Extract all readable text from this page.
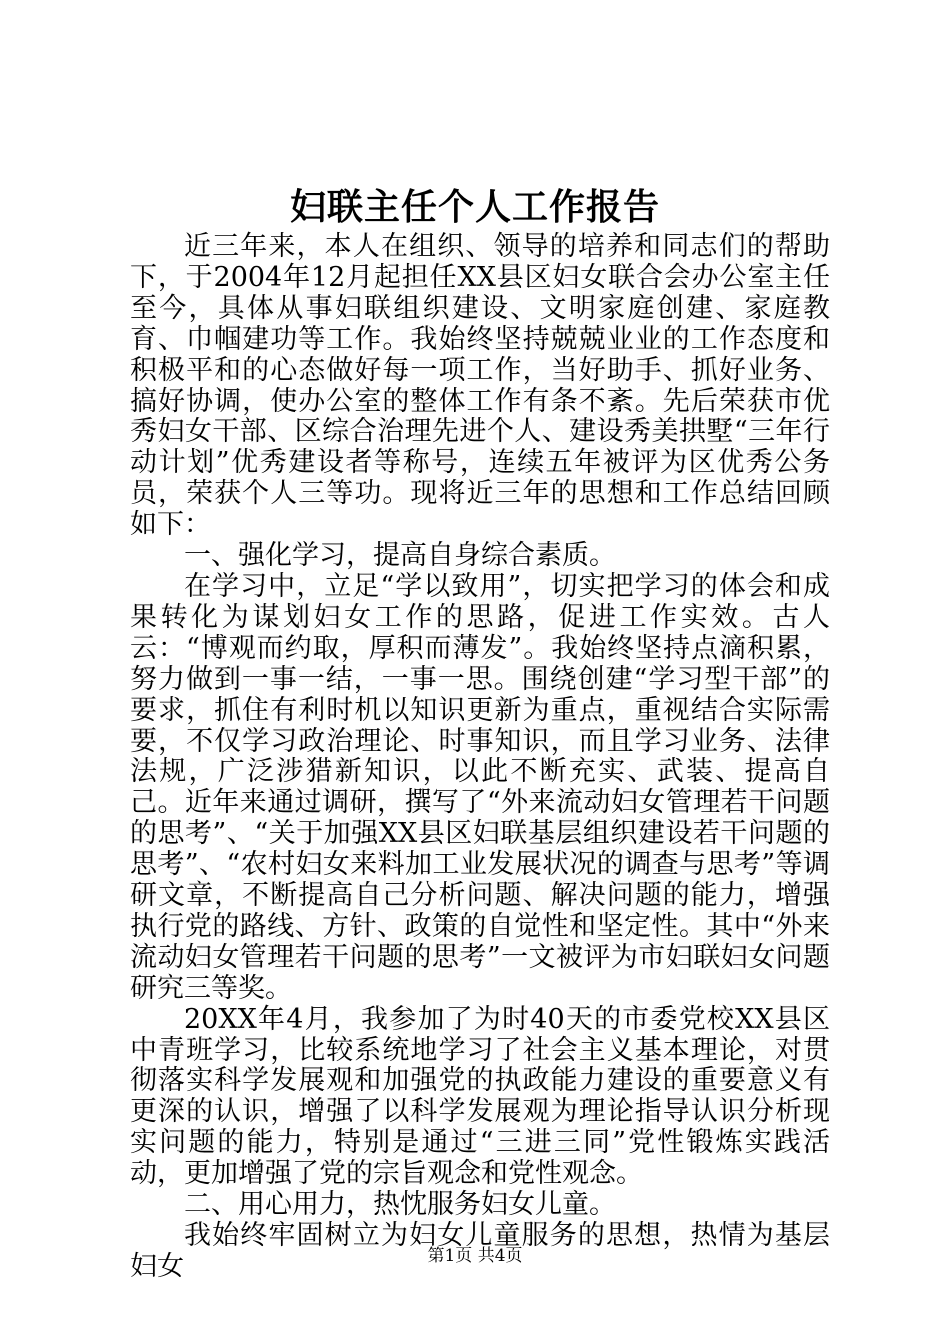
妇联主任个人工作报告

近三年来，本人在组织、领导的培养和同志们的帮助下，于2004年12月起担任XX县区妇女联合会办公室主任至今，具体从事妇联组织建设、文明家庭创建、家庭教育、巾帼建功等工作。我始终坚持兢兢业业的工作态度和积极平和的心态做好每一项工作，当好助手、抓好业务、搞好协调，使办公室的整体工作有条不紊。先后荣获市优秀妇女干部、区综合治理先进个人、建设秀美拱墅“三年行动计划”优秀建设者等称号，连续五年被评为区优秀公务员，荣获个人三等功。现将近三年的思想和工作总结回顾如下：

一、强化学习，提高自身综合素质。

在学习中，立足“学以致用”，切实把学习的体会和成果转化为谋划妇女工作的思路，促进工作实效。古人云：“博观而约取，厚积而薄发”。我始终坚持点滴积累，努力做到一事一结，一事一思。围绕创建“学习型干部”的要求，抓住有利时机以知识更新为重点，重视结合实际需要，不仅学习政治理论、时事知识，而且学习业务、法律法规，广泛涉猎新知识，以此不断充实、武装、提高自己。近年来通过调研，撰写了“外来流动妇女管理若干问题的思考”、“关于加强XX县区妇联基层组织建设若干问题的思考”、“农村妇女来料加工业发展状况的调查与思考”等调研文章，不断提高自己分析问题、解决问题的能力，增强执行党的路线、方针、政策的自觉性和坚定性。其中“外来流动妇女管理若干问题的思考”一文被评为市妇联妇女问题研究三等奖。

20XX年4月，我参加了为时40天的市委党校XX县区中青班学习，比较系统地学习了社会主义基本理论，对贯彻落实科学发展观和加强党的执政能力建设的重要意义有更深的认识，增强了以科学发展观为理论指导认识分析现实问题的能力，特别是通过“三进三同”党性锻炼实践活动，更加增强了党的宗旨观念和党性观念。

二、用心用力，热忱服务妇女儿童。

我始终牢固树立为妇女儿童服务的思想，热情为基层妇女	第1页 共4页
